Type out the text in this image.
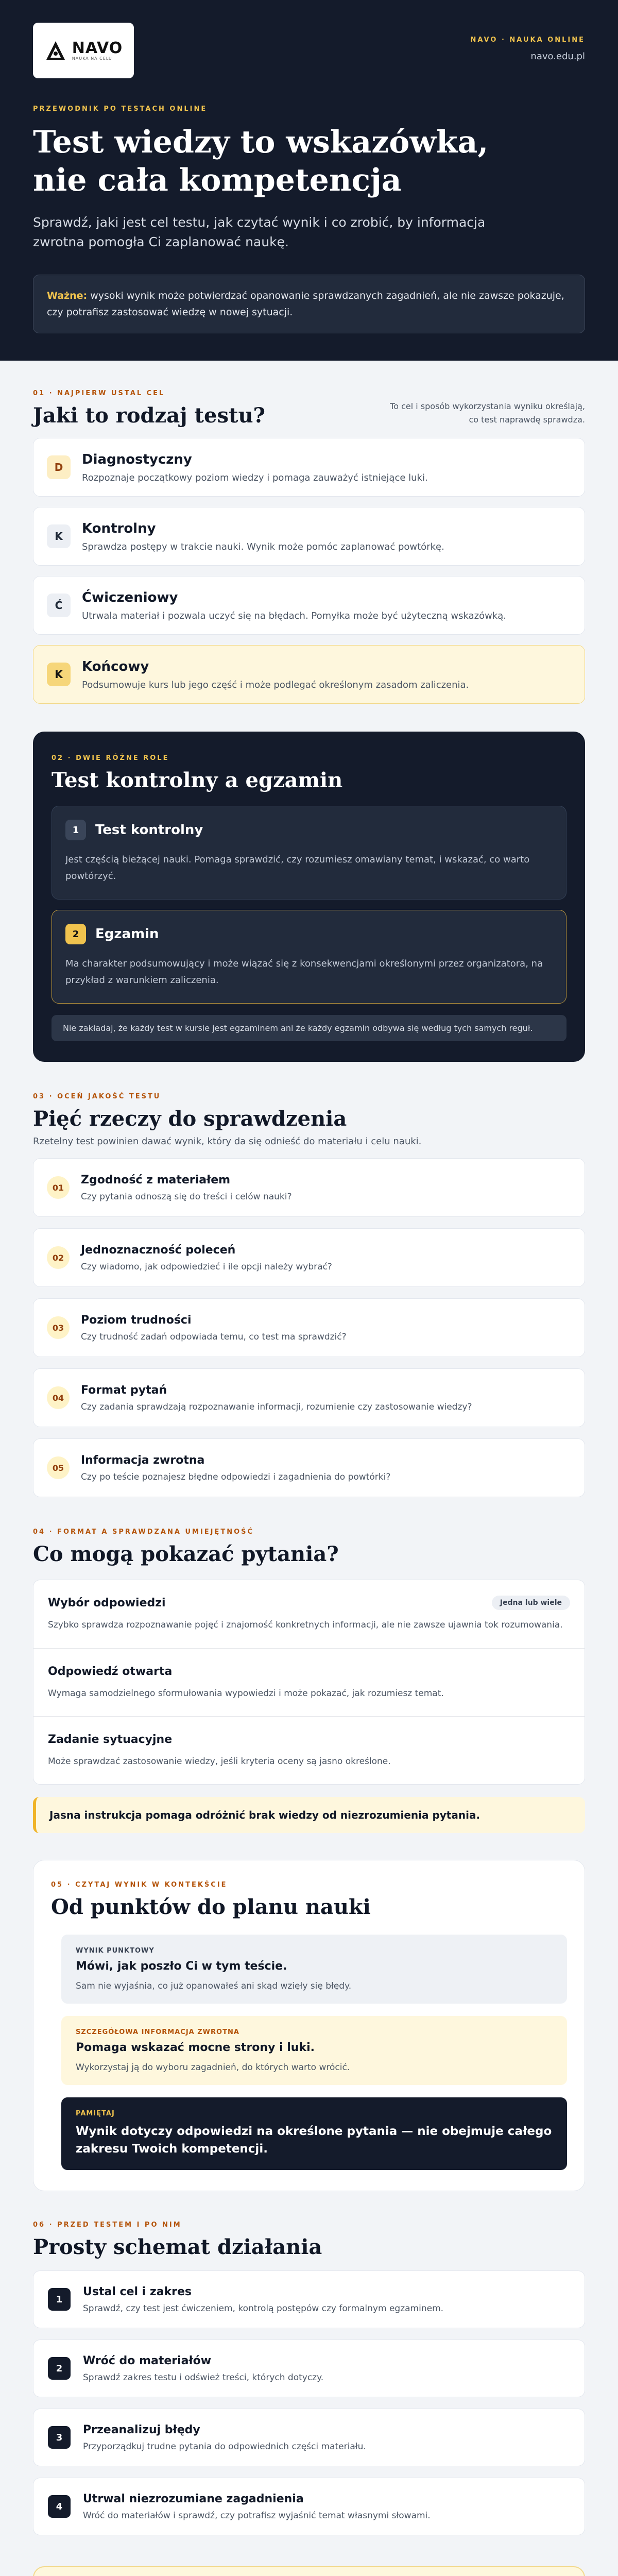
NAVO
NAUKA NA CELU
NAVO · NAUKA ONLINE
navo.edu.pl
PRZEWODNIK PO TESTACH ONLINE
Test wiedzy to wskazówka,
nie cała kompetencja

Sprawdź, jaki jest cel testu, jak czytać wynik i co zrobić, by informacja zwrotna pomogła Ci zaplanować naukę.

Ważne: wysoki wynik może potwierdzać opanowanie sprawdzanych zagadnień, ale nie zawsze pokazuje, czy potrafisz zastosować wiedzę w nowej sytuacji.
01 · NAJPIERW USTAL CEL
Jaki to rodzaj testu?	To cel i sposób wykorzystania wyniku określają, co test naprawdę sprawdza.

D
Diagnostyczny
Rozpoznaje początkowy poziom wiedzy i pomaga zauważyć istniejące luki.
K
Kontrolny
Sprawdza postępy w trakcie nauki. Wynik może pomóc zaplanować powtórkę.
Ć
Ćwiczeniowy
Utrwala materiał i pozwala uczyć się na błędach. Pomyłka może być użyteczną wskazówką.
K
Końcowy
Podsumowuje kurs lub jego część i może podlegać określonym zasadom zaliczenia.
02 · DWIE RÓŻNE ROLE
Test kontrolny a egzamin
1	Test kontrolny
Jest częścią bieżącej nauki. Pomaga sprawdzić, czy rozumiesz omawiany temat, i wskazać, co warto powtórzyć.
2	Egzamin
Ma charakter podsumowujący i może wiązać się z konsekwencjami określonymi przez organizatora, na przykład z warunkiem zaliczenia.
Nie zakładaj, że każdy test w kursie jest egzaminem ani że każdy egzamin odbywa się według tych samych reguł.
03 · OCEŃ JAKOŚĆ TESTU
Pięć rzeczy do sprawdzenia

Rzetelny test powinien dawać wynik, który da się odnieść do materiału i celu nauki.

01
Zgodność z materiałem
Czy pytania odnoszą się do treści i celów nauki?
02
Jednoznaczność poleceń
Czy wiadomo, jak odpowiedzieć i ile opcji należy wybrać?
03
Poziom trudności
Czy trudność zadań odpowiada temu, co test ma sprawdzić?
04
Format pytań
Czy zadania sprawdzają rozpoznawanie informacji, rozumienie czy zastosowanie wiedzy?
05
Informacja zwrotna
Czy po teście poznajesz błędne odpowiedzi i zagadnienia do powtórki?
04 · FORMAT A SPRAWDZANA UMIEJĘTNOŚĆ
Co mogą pokazać pytania?
Wybór odpowiedzi
Szybko sprawdza rozpoznawanie pojęć i znajomość konkretnych informacji, ale nie zawsze ujawnia tok rozumowania.
Jedna lub wiele
Odpowiedź otwarta
Wymaga samodzielnego sformułowania wypowiedzi i może pokazać, jak rozumiesz temat.
Zadanie sytuacyjne
Może sprawdzać zastosowanie wiedzy, jeśli kryteria oceny są jasno określone.
Jasna instrukcja pomaga odróżnić brak wiedzy od niezrozumienia pytania.
05 · CZYTAJ WYNIK W KONTEKŚCIE
Od punktów do planu nauki
WYNIK PUNKTOWY
Mówi, jak poszło Ci w tym teście.
Sam nie wyjaśnia, co już opanowałeś ani skąd wzięły się błędy.
SZCZEGÓŁOWA INFORMACJA ZWROTNA
Pomaga wskazać mocne strony i luki.
Wykorzystaj ją do wyboru zagadnień, do których warto wrócić.
PAMIĘTAJ
Wynik dotyczy odpowiedzi na określone pytania — nie obejmuje całego zakresu Twoich kompetencji.
06 · PRZED TESTEM I PO NIM
Prosty schemat działania
1
Ustal cel i zakres
Sprawdź, czy test jest ćwiczeniem, kontrolą postępów czy formalnym egzaminem.
2
Wróć do materiałów
Sprawdź zakres testu i odśwież treści, których dotyczy.
3
Przeanalizuj błędy
Przyporządkuj trudne pytania do odpowiednich części materiału.
4
Utrwal niezrozumiane zagadnienia
Wróć do materiałów i sprawdź, czy potrafisz wyjaśnić temat własnymi słowami.
